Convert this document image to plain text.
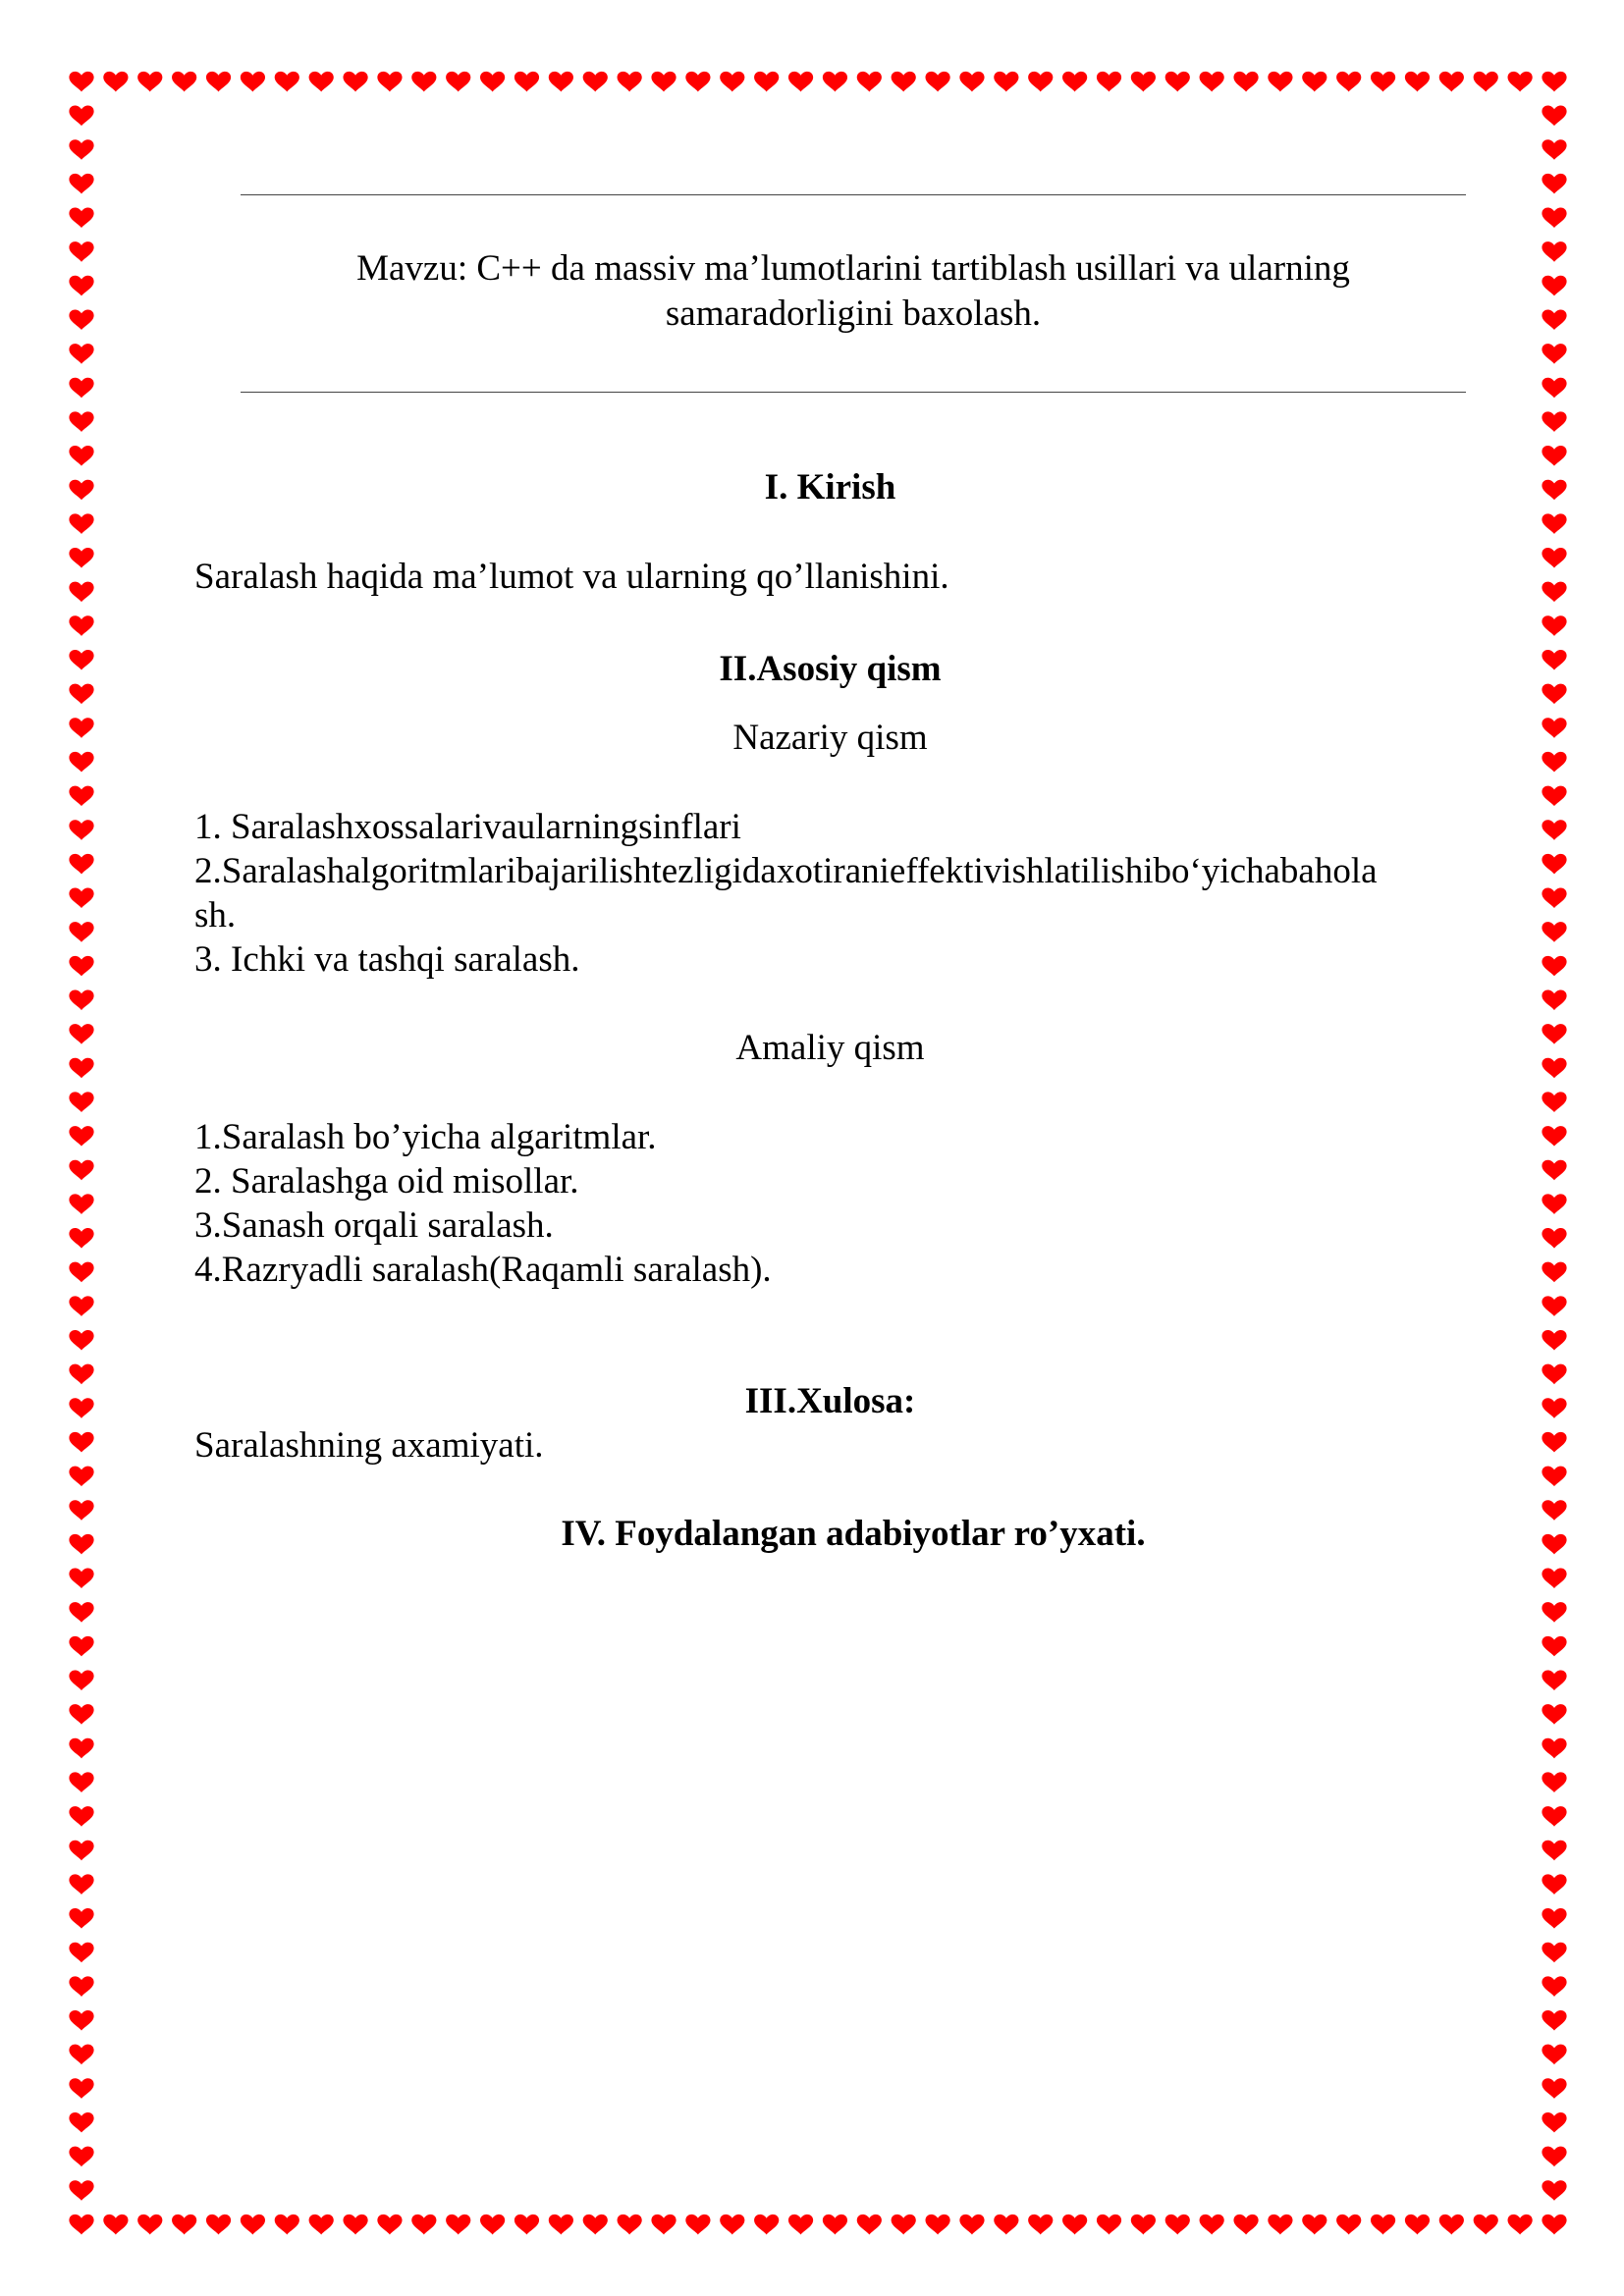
Mavzu: C++ da massiv ma’lumotlarini tartiblash usillari va ularning
samaradorligini baxolash.
I. Kirish
Saralash haqida ma’lumot va ularning qo’llanishini.
II.Asosiy qism
Nazariy qism
1. Saralashxossalarivaularningsinflari
2.Saralashalgoritmlaribajarilishtezligidaxotiranieffektivishlatilishibo‘yichabahola
sh.
3. Ichki va tashqi saralash.
Amaliy qism
1.Saralash bo’yicha algaritmlar.
2. Saralashga oid misollar.
3.Sanash orqali saralash.
4.Razryadli saralash(Raqamli saralash).
III.Xulosa:
Saralashning axamiyati.
IV. Foydalangan adabiyotlar ro’yxati.
